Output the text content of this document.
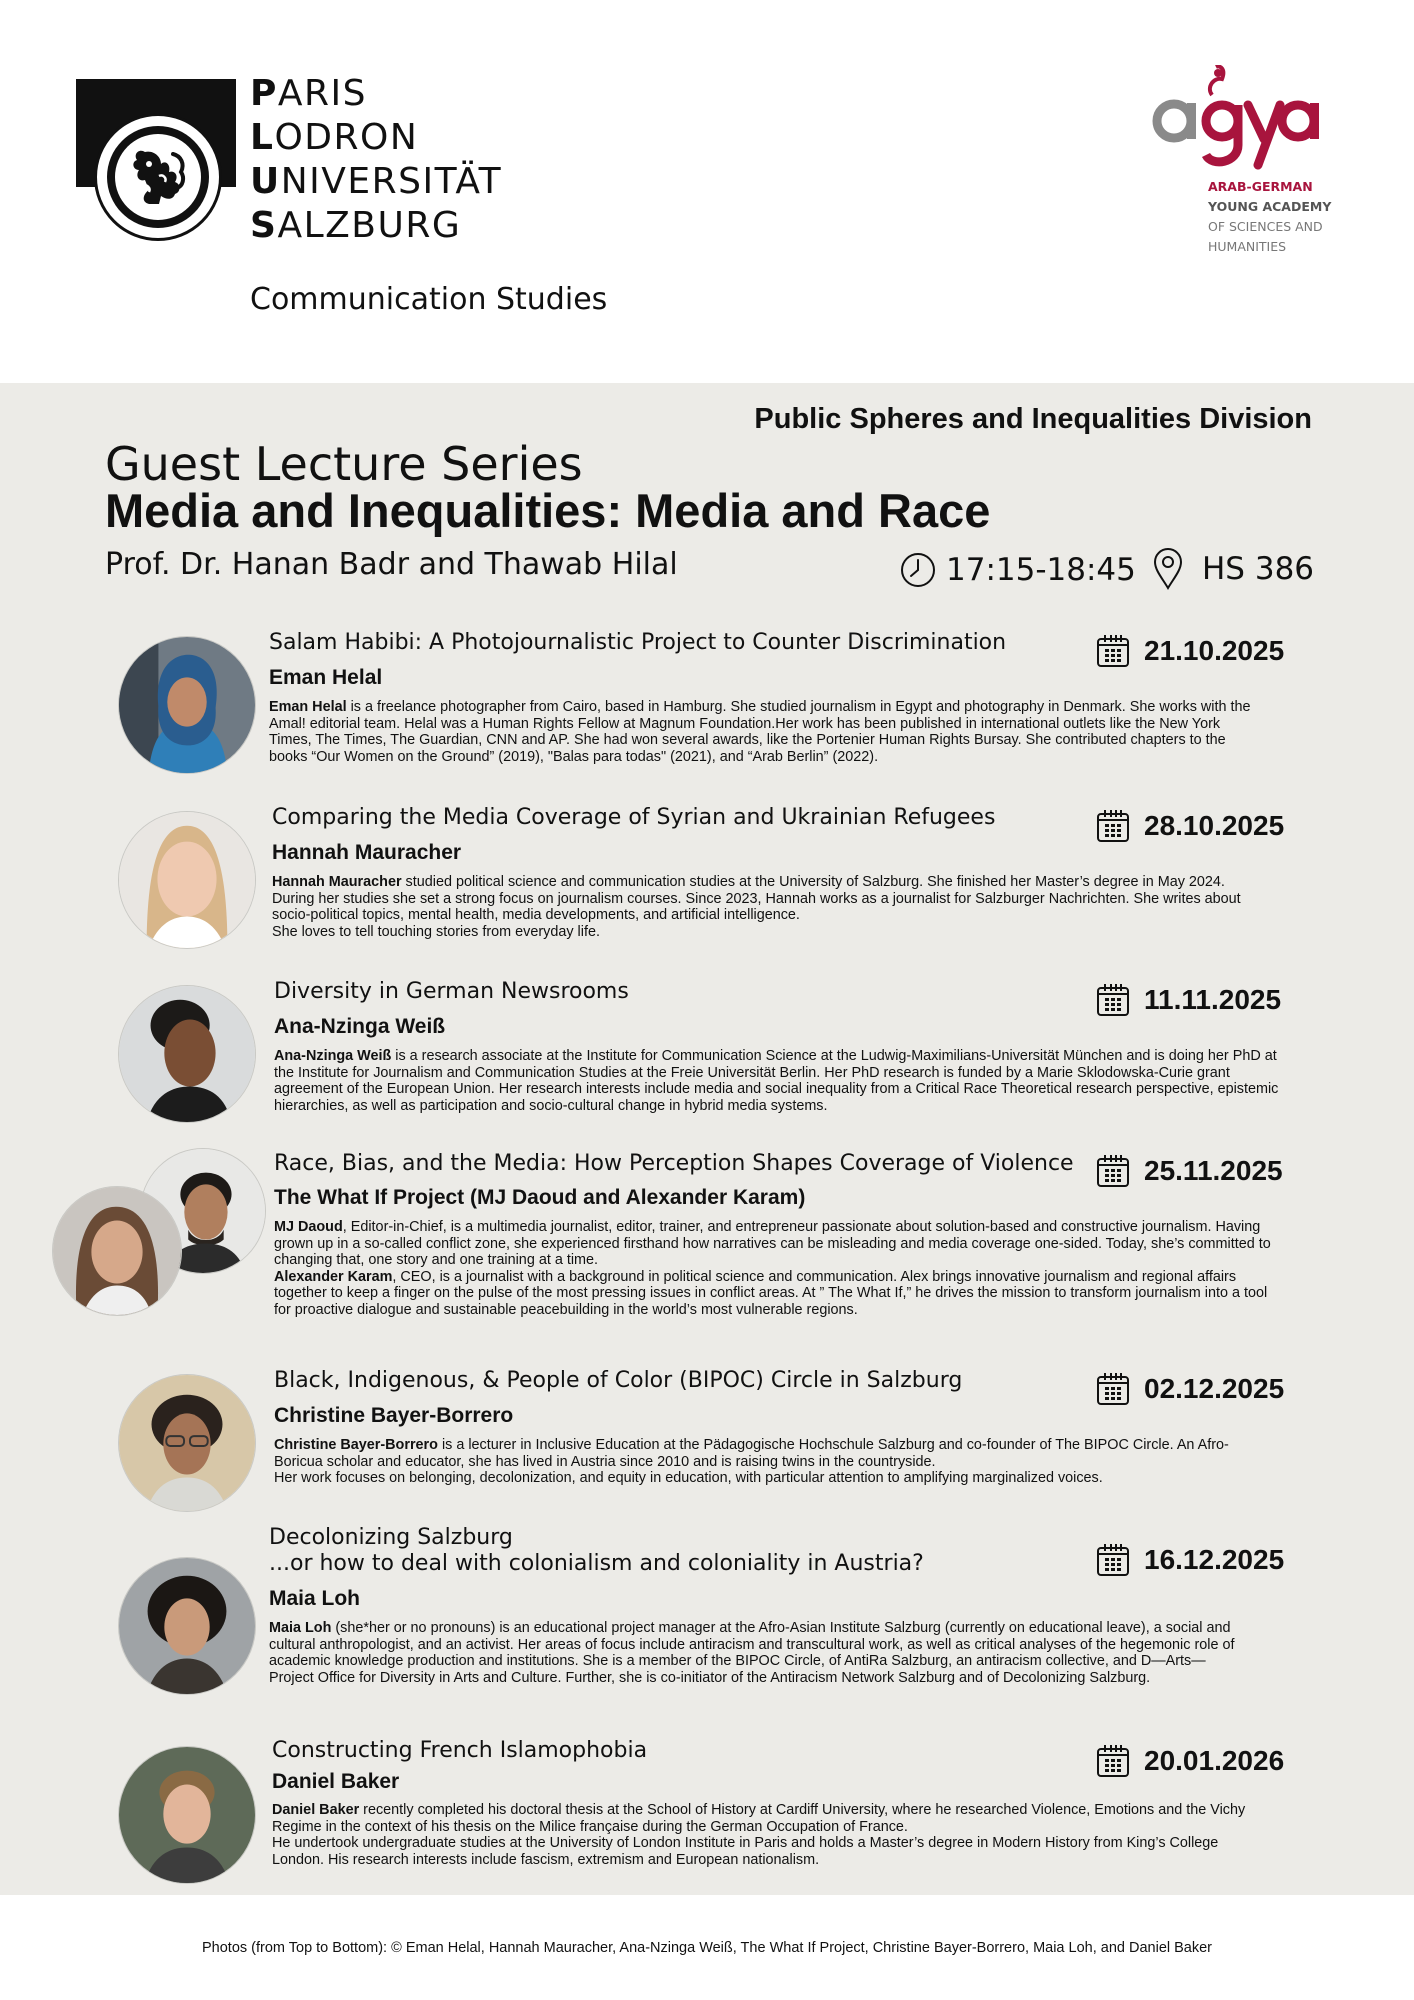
PARIS
LODRON
UNIVERSITÄT
SALZBURG
Communication Studies
ARAB-GERMAN
YOUNG ACADEMY
OF SCIENCES AND
HUMANITIES
Public Spheres and Inequalities Division
Guest Lecture Series
Media and Inequalities: Media and Race
Prof. Dr. Hanan Badr and Thawab Hilal	17:15-18:45 HS 386
Salam Habibi: A Photojournalistic Project to Counter Discrimination
Eman Helal
Eman Helal is a freelance photographer from Cairo, based in Hamburg. She studied journalism in Egypt and photography in Denmark. She works with the Amal! editorial team. Helal was a Human Rights Fellow at Magnum Foundation.Her work has been published in international outlets like the New York Times, The Times, The Guardian, CNN and AP. She had won several awards, like the Portenier Human Rights Bursay. She contributed chapters to the books “Our Women on the Ground” (2019), "Balas para todas" (2021), and “Arab Berlin” (2022).
21.10.2025
Comparing the Media Coverage of Syrian and Ukrainian Refugees
Hannah Mauracher
Hannah Mauracher studied political science and communication studies at the University of Salzburg. She finished her Master’s degree in May 2024. During her studies she set a strong focus on journalism courses. Since 2023, Hannah works as a journalist for Salzburger Nachrichten. She writes about socio-political topics, mental health, media developments, and artificial intelligence.
She loves to tell touching stories from everyday life.
28.10.2025
Diversity in German Newsrooms
Ana-Nzinga Weiß
Ana-Nzinga Weiß is a research associate at the Institute for Communication Science at the Ludwig-Maximilians-Universität München and is doing her PhD at the Institute for Journalism and Communication Studies at the Freie Universität Berlin. Her PhD research is funded by a Marie Sklodowska-Curie grant agreement of the European Union. Her research interests include media and social inequality from a Critical Race Theoretical research perspective, epistemic hierarchies, as well as participation and socio-cultural change in hybrid media systems.
11.11.2025
Race, Bias, and the Media: How Perception Shapes Coverage of Violence
The What If Project (MJ Daoud and Alexander Karam)
MJ Daoud, Editor-in-Chief, is a multimedia journalist, editor, trainer, and entrepreneur passionate about solution-based and constructive journalism. Having grown up in a so-called conflict zone, she experienced firsthand how narratives can be misleading and media coverage one-sided. Today, she’s committed to changing that, one story and one training at a time.
Alexander Karam, CEO, is a journalist with a background in political science and communication. Alex brings innovative journalism and regional affairs together to keep a finger on the pulse of the most pressing issues in conflict areas. At ” The What If,” he drives the mission to transform journalism into a tool for proactive dialogue and sustainable peacebuilding in the world’s most vulnerable regions.
25.11.2025
Black, Indigenous, & People of Color (BIPOC) Circle in Salzburg
Christine Bayer-Borrero
Christine Bayer-Borrero is a lecturer in Inclusive Education at the Pädagogische Hochschule Salzburg and co-founder of The BIPOC Circle. An Afro-Boricua scholar and educator, she has lived in Austria since 2010 and is raising twins in the countryside.
Her work focuses on belonging, decolonization, and equity in education, with particular attention to amplifying marginalized voices.
02.12.2025
Decolonizing Salzburg
...or how to deal with colonialism and coloniality in Austria?
Maia Loh
Maia Loh (she*her or no pronouns) is an educational project manager at the Afro-Asian Institute Salzburg (currently on educational leave), a social and cultural anthropologist, and an activist. Her areas of focus include antiracism and transcultural work, as well as critical analyses of the hegemonic role of academic knowledge production and institutions. She is a member of the BIPOC Circle, of AntiRa Salzburg, an antiracism collective, and D—Arts—Project Office for Diversity in Arts and Culture. Further, she is co-initiator of the Antiracism Network Salzburg and of Decolonizing Salzburg.
16.12.2025
Constructing French Islamophobia
Daniel Baker
Daniel Baker recently completed his doctoral thesis at the School of History at Cardiff University, where he researched Violence, Emotions and the Vichy Regime in the context of his thesis on the Milice française during the German Occupation of France.
He undertook undergraduate studies at the University of London Institute in Paris and holds a Master’s degree in Modern History from King’s College London. His research interests include fascism, extremism and European nationalism.
20.01.2026
Photos (from Top to Bottom): © Eman Helal, Hannah Mauracher, Ana-Nzinga Weiß, The What If Project, Christine Bayer-Borrero, Maia Loh, and Daniel Baker
